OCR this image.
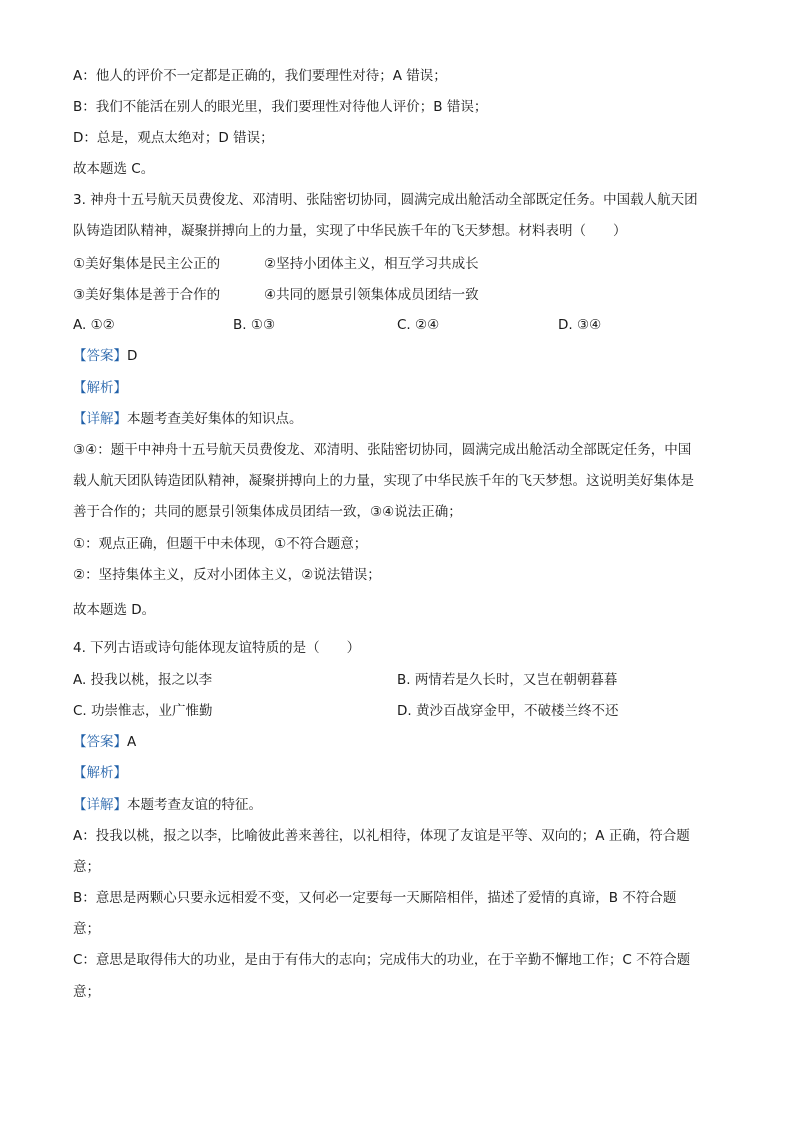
A：他人的评价不一定都是正确的，我们要理性对待；A 错误；
B：我们不能活在别人的眼光里，我们要理性对待他人评价；B 错误；
D：总是，观点太绝对；D 错误；
故本题选 C。
3. 神舟十五号航天员费俊龙、邓清明、张陆密切协同，圆满完成出舱活动全部既定任务。中国载人航天团
队铸造团队精神，凝聚拼搏向上的力量，实现了中华民族千年的飞天梦想。材料表明（　　）
①美好集体是民主公正的	②坚持小团体主义，相互学习共成长
③美好集体是善于合作的	④共同的愿景引领集体成员团结一致
A. ①②	B. ①③	C. ②④	D. ③④
【答案】D
【解析】
【详解】本题考查美好集体的知识点。
③④：题干中神舟十五号航天员费俊龙、邓清明、张陆密切协同，圆满完成出舱活动全部既定任务，中国
载人航天团队铸造团队精神，凝聚拼搏向上的力量，实现了中华民族千年的飞天梦想。这说明美好集体是
善于合作的；共同的愿景引领集体成员团结一致，③④说法正确；
①：观点正确，但题干中未体现，①不符合题意；
②：坚持集体主义，反对小团体主义，②说法错误；
故本题选 D。
4. 下列古语或诗句能体现友谊特质的是（　　）
A. 投我以桃，报之以李	B. 两情若是久长时，又岂在朝朝暮暮
C. 功崇惟志，业广惟勤	D. 黄沙百战穿金甲，不破楼兰终不还
【答案】A
【解析】
【详解】本题考查友谊的特征。
A：投我以桃，报之以李，比喻彼此善来善往，以礼相待，体现了友谊是平等、双向的；A 正确，符合题
意；
B：意思是两颗心只要永远相爱不变，又何必一定要每一天厮陪相伴，描述了爱情的真谛，B 不符合题
意；
C：意思是取得伟大的功业，是由于有伟大的志向；完成伟大的功业，在于辛勤不懈地工作；C 不符合题
意；
